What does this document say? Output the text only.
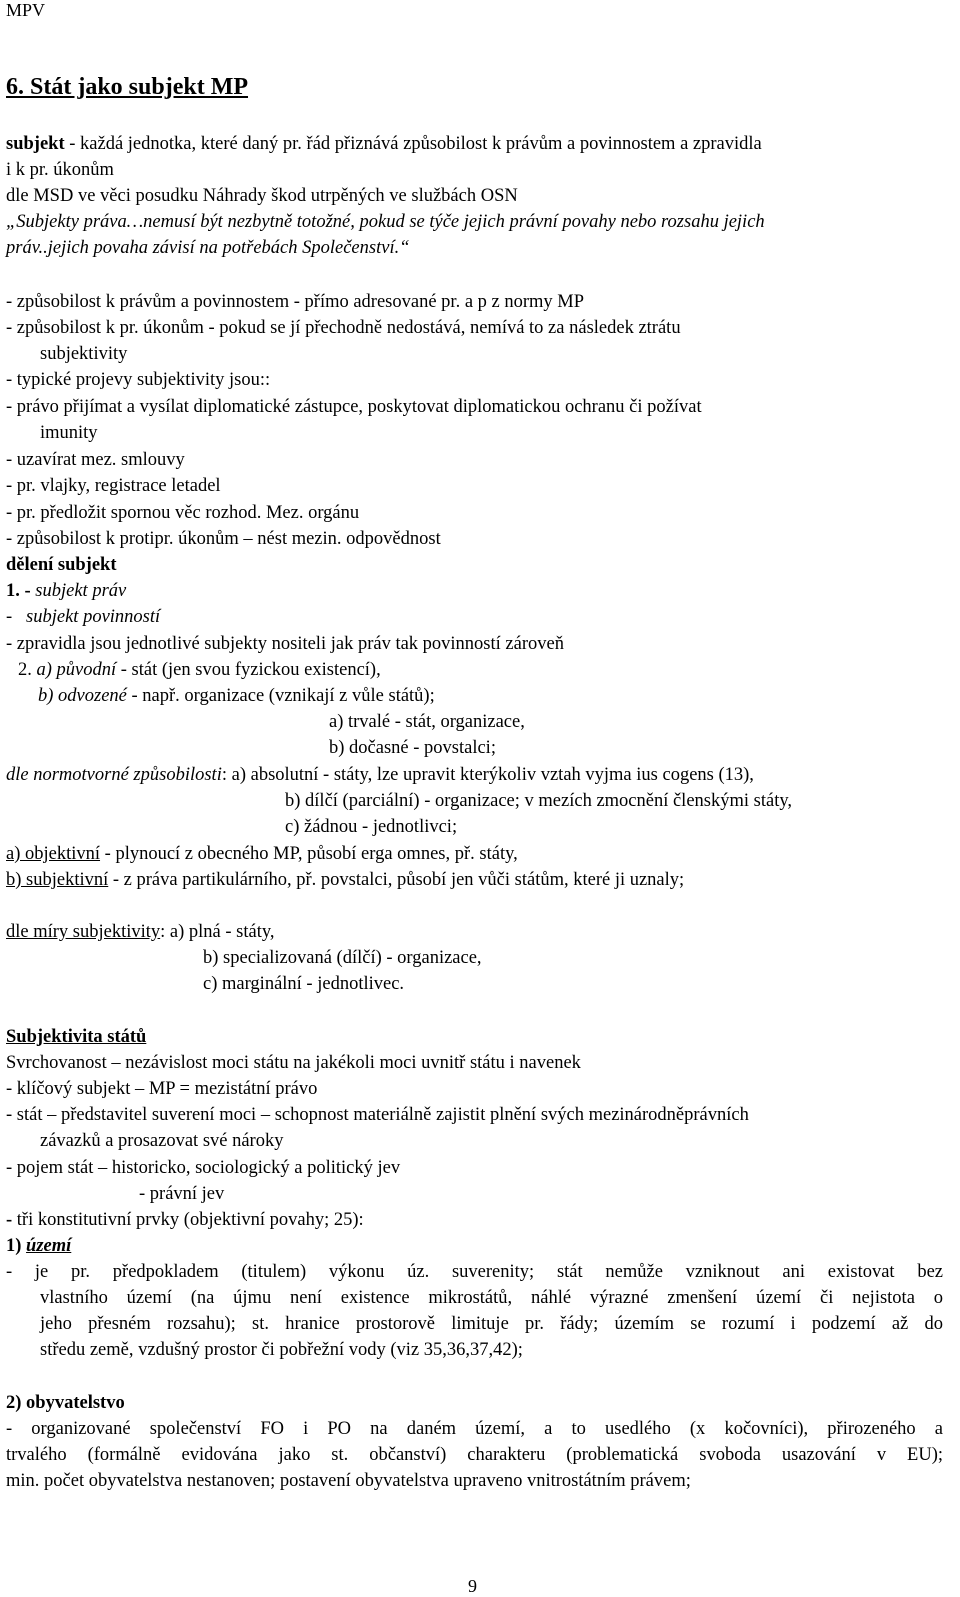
MPV
6. Stát jako subjekt MP
subjekt - každá jednotka, které daný pr. řád přiznává způsobilost k právům a povinnostem a zpravidla
i k pr. úkonům
dle MSD ve věci posudku Náhrady škod utrpěných ve službách OSN
„Subjekty práva…nemusí být nezbytně totožné, pokud se týče jejich právní povahy nebo rozsahu jejich
práv..jejich povaha závisí na potřebách Společenství.“
- způsobilost k právům a povinnostem - přímo adresované pr. a p z normy MP
- způsobilost k pr. úkonům - pokud se jí přechodně nedostává, nemívá to za následek ztrátu
subjektivity
- typické projevy subjektivity jsou::
- právo přijímat a vysílat diplomatické zástupce, poskytovat diplomatickou ochranu či požívat
imunity
- uzavírat mez. smlouvy
- pr. vlajky, registrace letadel
- pr. předložit spornou věc rozhod. Mez. orgánu
- způsobilost k protipr. úkonům – nést mezin. odpovědnost
dělení subjekt
1. - subjekt práv
-   subjekt povinností
- zpravidla jsou jednotlivé subjekty nositeli jak práv tak povinností zároveň
2. a) původní - stát (jen svou fyzickou existencí),
b) odvozené - např. organizace (vznikají z vůle států);
a) trvalé - stát, organizace,
b) dočasné - povstalci;
dle normotvorné způsobilosti: a) absolutní - státy, lze upravit kterýkoliv vztah vyjma ius cogens (13),
b) dílčí (parciální) - organizace; v mezích zmocnění členskými státy,
c) žádnou - jednotlivci;
a) objektivní - plynoucí z obecného MP, působí erga omnes, př. státy,
b) subjektivní - z práva partikulárního, př. povstalci, působí jen vůči státům, které ji uznaly;
dle míry subjektivity: a) plná - státy,
b) specializovaná (dílčí) - organizace,
c) marginální - jednotlivec.
Subjektivita států
Svrchovanost – nezávislost moci státu na jakékoli moci uvnitř státu i navenek
- klíčový subjekt – MP = mezistátní právo
- stát – představitel suverení moci – schopnost materiálně zajistit plnění svých mezinárodněprávních
závazků a prosazovat své nároky
- pojem stát – historicko, sociologický a politický jev
- právní jev
- tři konstitutivní prvky (objektivní povahy; 25):
1) území
- je pr. předpokladem (titulem) výkonu úz. suverenity; stát nemůže vzniknout ani existovat bez
vlastního území (na újmu není existence mikrostátů, náhlé výrazné zmenšení území či nejistota o
jeho přesném rozsahu); st. hranice prostorově limituje pr. řády; územím se rozumí i podzemí až do
středu země, vzdušný prostor či pobřežní vody (viz 35,36,37,42);
2) obyvatelstvo
- organizované společenství FO i PO na daném území, a to usedlého (x kočovníci), přirozeného a
trvalého (formálně evidována jako st. občanství) charakteru (problematická svoboda usazování v EU);
min. počet obyvatelstva nestanoven; postavení obyvatelstva upraveno vnitrostátním právem;
9
